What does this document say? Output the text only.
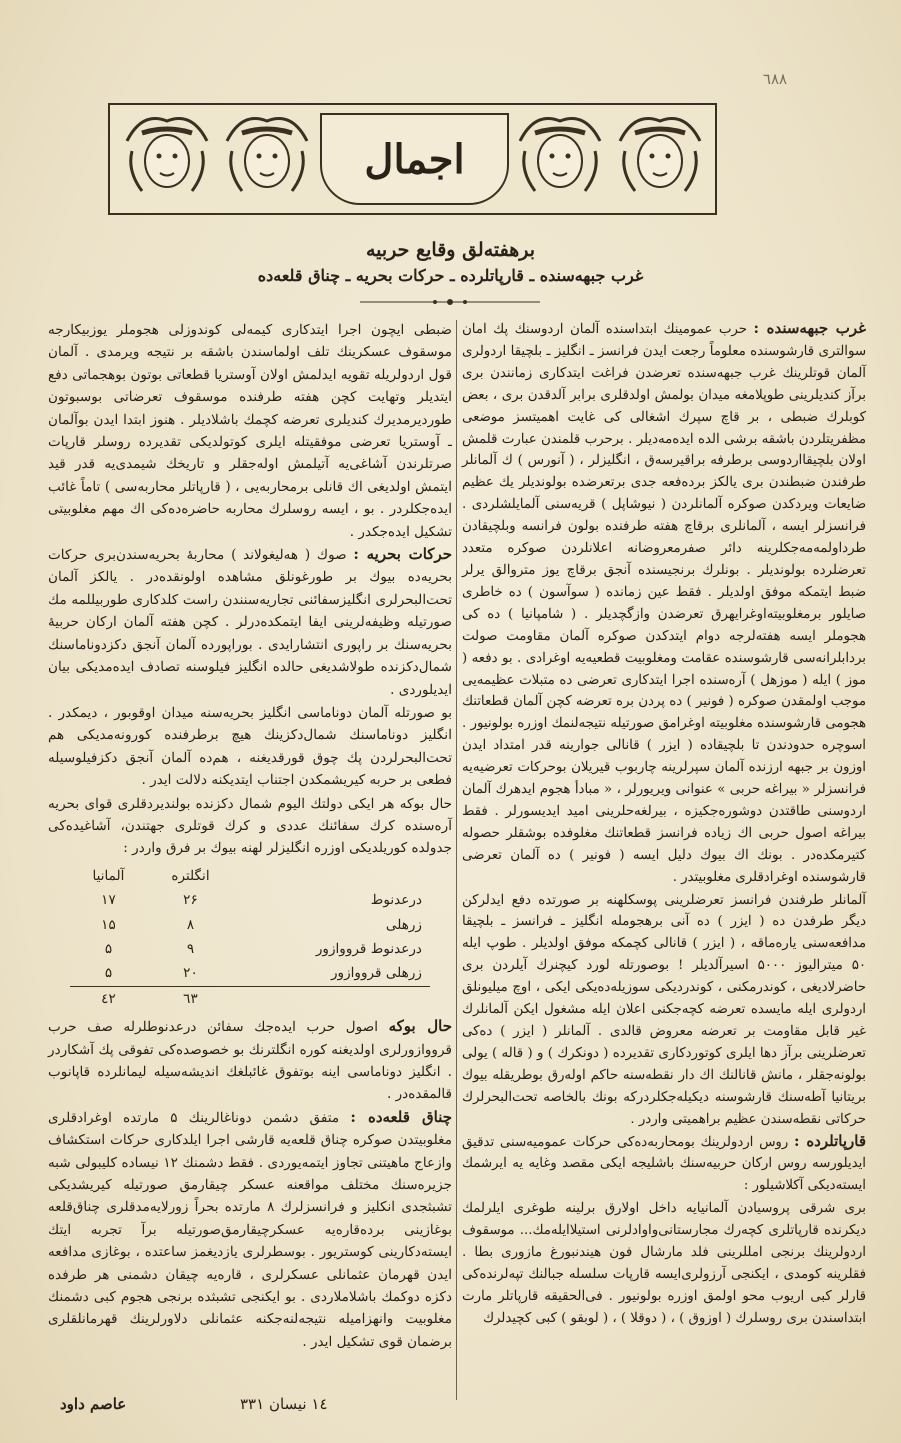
٦٨٨
اجمال
برهفته‌لق وقایع حربیه
غرب جبهه‌سنده ـ قارپاتلرده ـ حرکات بحریه ـ چناق قلعه‌ده

غرب جبهه‌سنده : حرب عمومینك ابتداسنده آلمان اردوسنك پك امان سوالتری قارشوسنده معلوماً رجعت ایدن فرانسز ـ انگلیز ـ بلچیقا اردولری آلمان قوتلرینك غرب جبهه‌سنده تعرضدن فراغت ایتدکاری زمانندن بری برآز کندیلرینی طوپلامغه میدان بولمش اولدقلری برابر آلدقدن بری ، بعض کوبلرك ضبطی ، بر قاچ سپرك اشغالی کی غایت اهمیتسز موضعی مظفریتلردن باشقه برشی الده ایده‌مه‌دیلر . برحرب قلمندن عبارت قلمش اولان بلچیقااردوسی برطرفه براقیرسه‌ق ، انگلیزلر ، ( آنورس ) ك آلمانلر طرفندن ضبطندن بری یالکز برده‌فعه جدی برتعرضده بولوندیلر یك عظیم ضایعات ویردکدن صوکره آلمانلردن ( نیوشاپل ) قریه‌سنی آلمایلشلردی . فرانسزلر ایسه ، آلمانلری برقاچ هفته طرفنده بولون فرانسه وبلچیقادن طرداولمه‌مه‌جکلرینه دائر صفرمعروضانه اعلانلردن صوکره متعدد تعرضلرده بولوندیلر . بونلرك برنجیسنده آنجق برقاچ یوز متروالق یرلر ضبط ایتمکه موفق اولدیلر . فقط عین زمانده ( سوآسون ) ده خاطری صایلور برمغلوبیته‌اوغرایهرق تعرضدن وازگچدیلر . ( شامپانیا ) ده کی هجوملر ایسه هفته‌لرجه دوام ایتدکدن صوکره آلمان مقاومت صولت بردابلرانه‌سی قارشوسنده عقامت ومغلوبیت قطعیه‌یه اوغرادی . بو دفعه ( موز ) ایله ( موزهل ) آره‌سنده اجرا ایتدکاری تعرضی ده متبلات عظیمه‌یی موجب اولمقدن صوکره ( فونیر ) ده پردن بره تعرضه کچن آلمان قطعاتنك هجومی قارشوسنده مغلوبیته اوغرامق صورتیله نتیجه‌لنمك اوزره بولونیور . اسوچره حدودندن تا بلچیقاده ( ایزر ) قانالی جوارینه قدر امتداد ایدن اوزون بر جبهه ارزنده آلمان سپرلرینه چاربوب قیریلان بوحرکات تعرضیه‌یه فرانسزلر « بیراغه حربی » عنوانی ویریورلر ، « مبادأ هجوم ایدهرك آلمان اردوسنی طاقتدن دوشوره‌جکیزه ، بیرلغه‌حلرینی امید ایدیسورلر . فقط بیراغه اصول حربی اك زیاده فرانسز قطعاتنك مغلوفده بوشقلر حصوله کتیرمکده‌در . بونك اك بیوك دلیل ایسه ( فونیر ) ده آلمان تعرضی قارشوسنده اوغرادقلری مغلوبیتدر .

آلمانلر طرفندن فرانسز تعرضلرینی پوسکلهنه بر صورتده دفع ایدلرکن دیگر طرفدن ده ( ایزر ) ده آنی برهجومله انگلیز ـ فرانسز ـ بلچیقا مدافعه‌سنی یاره‌ماقه ، ( ایزر ) قانالی کچمکه موفق اولدیلر . طوپ ایله ۵۰ میترالیوز ۵۰۰۰ اسیرآلدیلر ! بوصورتله لورد کیچنرك آیلردن بری حاضرلادیغی ، کوندرمکنی ، کوندردیکی سوزیله‌ده‌یکی ایکی ، اوچ میلیونلق اردولری ایله مایسده تعرضه کچه‌جکنی اعلان ایله مشغول ایکن آلمانلرك غیر قابل مقاومت بر تعرضه معروض قالدی . آلمانلر ( ایزر ) ده‌کی تعرضلرینی برآز دها ایلری کوتوردکاری تقدیرده ( دونکرك ) و ( قاله ) یولی بولونه‌جقلر ، مانش قانالنك اك دار نقطه‌سنه حاکم اوله‌رق بوطریقله بیوك بریتانیا آطه‌سنك قارشوسنه دیکیله‌جکلردرکه بونك بالخاصه تحت‌البحرلرك حرکاتی نقطه‌سندن عظیم براهمیتی واردر .

قارپاتلرده : روس اردولرینك بومحاربه‌ده‌کی حرکات عمومیه‌سنی تدقیق ایدیلورسه روس ارکان حربیه‌سنك باشلیجه ایکی مقصد وغایه‌ یه ایرشمك ایسته‌دیکی آکلاشیلور :

بری شرقی پروسیادن آلمانیایه داخل اولارق برلینه طوغری ایلرلمك دیکرنده قارپاتلری کچه‌رك مجارستانی‌واوادلرنی استیلاایله‌مك... موسقوف اردولرینك برنجی امللرینی فلد مارشال فون هیندنبورغ مازوری بطا . فقلرینه کومدی ، ایکنجی آرزولری‌ایسه قارپات سلسله‌‌ جبالنك تپه‌لرنده‌کی قارلر کبی اریوب محو اولمق اوزره بولونیور . فی‌الحقیقه قارپاتلر مارت ابتداسندن بری روسلرك ( اوزوق ) ، ( دوقلا ) ، ( لوبقو ) کبی کچیدلرك

ضبطی ایچون اجرا ایتدکاری کیمه‌لی کوندوزلی هجوملر یوزبیکارجه موسقوف عسکرینك تلف اولماسندن باشقه بر نتیجه ویرمدی . آلمان قول اردولریله تقویه ایدلمش اولان آوستریا قطعاتی بوتون بوهجماتی دفع ایتدیلر وتهایت کچن هفته طرفنده موسقوف تعرضاتی بوسبوتون طوردیرمدیرك کندیلری تعرضه کچمك باشلادیلر . هنوز ابتدا ایدن بوآلمان ـ آوستریا تعرضی موفقیتله ایلری کوتولدیکی تقدیرده روسلر قارپات صرتلرندن آشاغی‌یه آتیلمش اوله‌جقلر و تاریخك شیمدی‌یه قدر قید ایتمش اولدیغی اك قانلی برمحاربه‌یی ، ( قارپاتلر محاربه‌سی ) تاماً غائب ایده‌جکلردر . بو ، ایسه روسلرك محاربه حاضره‌ده‌کی اك مهم مغلوبیتی تشکیل ایده‌جکدر .

حرکات بحریه : صوك ( هه‌لیغولاند ) محاربهٔ بحریه‌سندن‌بری حرکات بحریه‌ده بیوك بر طورغونلق مشاهده اولونقده‌در . یالکز آلمان تحت‌البحرلری انگلیزسفائنی تجاریه‌سنندن راست‌ کلدکاری طوربیللمه‌ مك صورتیله وظیفه‌لرینی ایفا ایتمکده‌درلر . کچن هفته آلمان ارکان حربیهٔ بحریه‌سنك بر راپوری انتشارایدی . بوراپورده آلمان آنجق دکزدوناماسنك شمال‌دکزنده طولاشدیغی حالده انگلیز فیلوسنه تصادف ایده‌مدیکی بیان ایدیلوردی .

بو صورتله آلمان دوناماسی انگلیز بحریه‌سنه میدان اوقوبور ، دیمکدر . انگلیز دوناماسنك شمال‌دکزینك هیچ برطرفنده کورونه‌مدیکی هم تحت‌البحرلردن پك چوق قورقدیغنه ، هم‌ده آلمان آنجق دکزفیلوسیله فطعی بر حربه کیریشمکدن اجتناب ایتدیکنه دلالت ایدر .

حال بوکه هر ایکی دولتك الیوم شمال دکزنده بولندیردقلری قوای بحریه آره‌سنده کرك سفائنك عددی و کرك قوتلری جهتندن، آشاغیده‌کی جدولده کوریلدیکی اوزره انگلیزلر لهنه بیوك بر فرق واردر :

	انگلتره	آلمانیا
درعدنوط	۲۶	۱۷
زرهلی	۸	۱۵
درعدنوط قرووازور	۹	۵
زرهلی قرووازور	۲۰	۵
	٦٣	٤٢

حال بوکه اصول حرب ایده‌جك سفائن درعدنوطلرله صف حرب قرووازورلری اولدیغنه کوره انگلترنك بو خصوصده‌کی تفوقی پك آشکاردر . انگلیز دوناماسی اینه بوتفوق غائبلغك اندیشه‌سیله لیمانلرده قاپانوب قالمقده‌در .

چناق قلعه‌ده : متفق دشمن دوناغالرینك ۵ مارتده اوغرادقلری مغلوبیتدن صوکره چناق قلعه‌یه قارشی اجرا ایلدکاری حرکات استکشاف وازعاج ماهیتنی تجاوز ایتمه‌یوردی . فقط دشمنك ۱۲ نیساده کلیبولی شبه جزیره‌سنك مختلف مواقعنه عسکر چیقارمق صورتیله کیریشدیکی تشبثجدی انکلیز و فرانسزلرك ۸ مارتده بحراً زورلایه‌مدقلری چناق‌قلعه بوغازینی برده‌قاره‌یه عسکرچیقارمق‌صورتیله برآ تجربه ایتك ایسته‌دکارینی کوستریور . بوسطرلری یازدیغمز ساعتده ، بوغازی مدافعه ایدن قهرمان عثمانلی عسکرلری ، قاره‌یه چیقان دشمنی هر طرفده دکزه دوکمك باشلاملاردی . بو ایکنجی تشبثده برنجی هجوم کبی دشمنك مغلوبیت وانهزامیله نتیجه‌لنه‌جکنه عثمانلی دلاورلرینك قهرمانلقلری برضمان قوی تشکیل ایدر .

۱٤ نیسان ۳۳۱
عاصم داود
